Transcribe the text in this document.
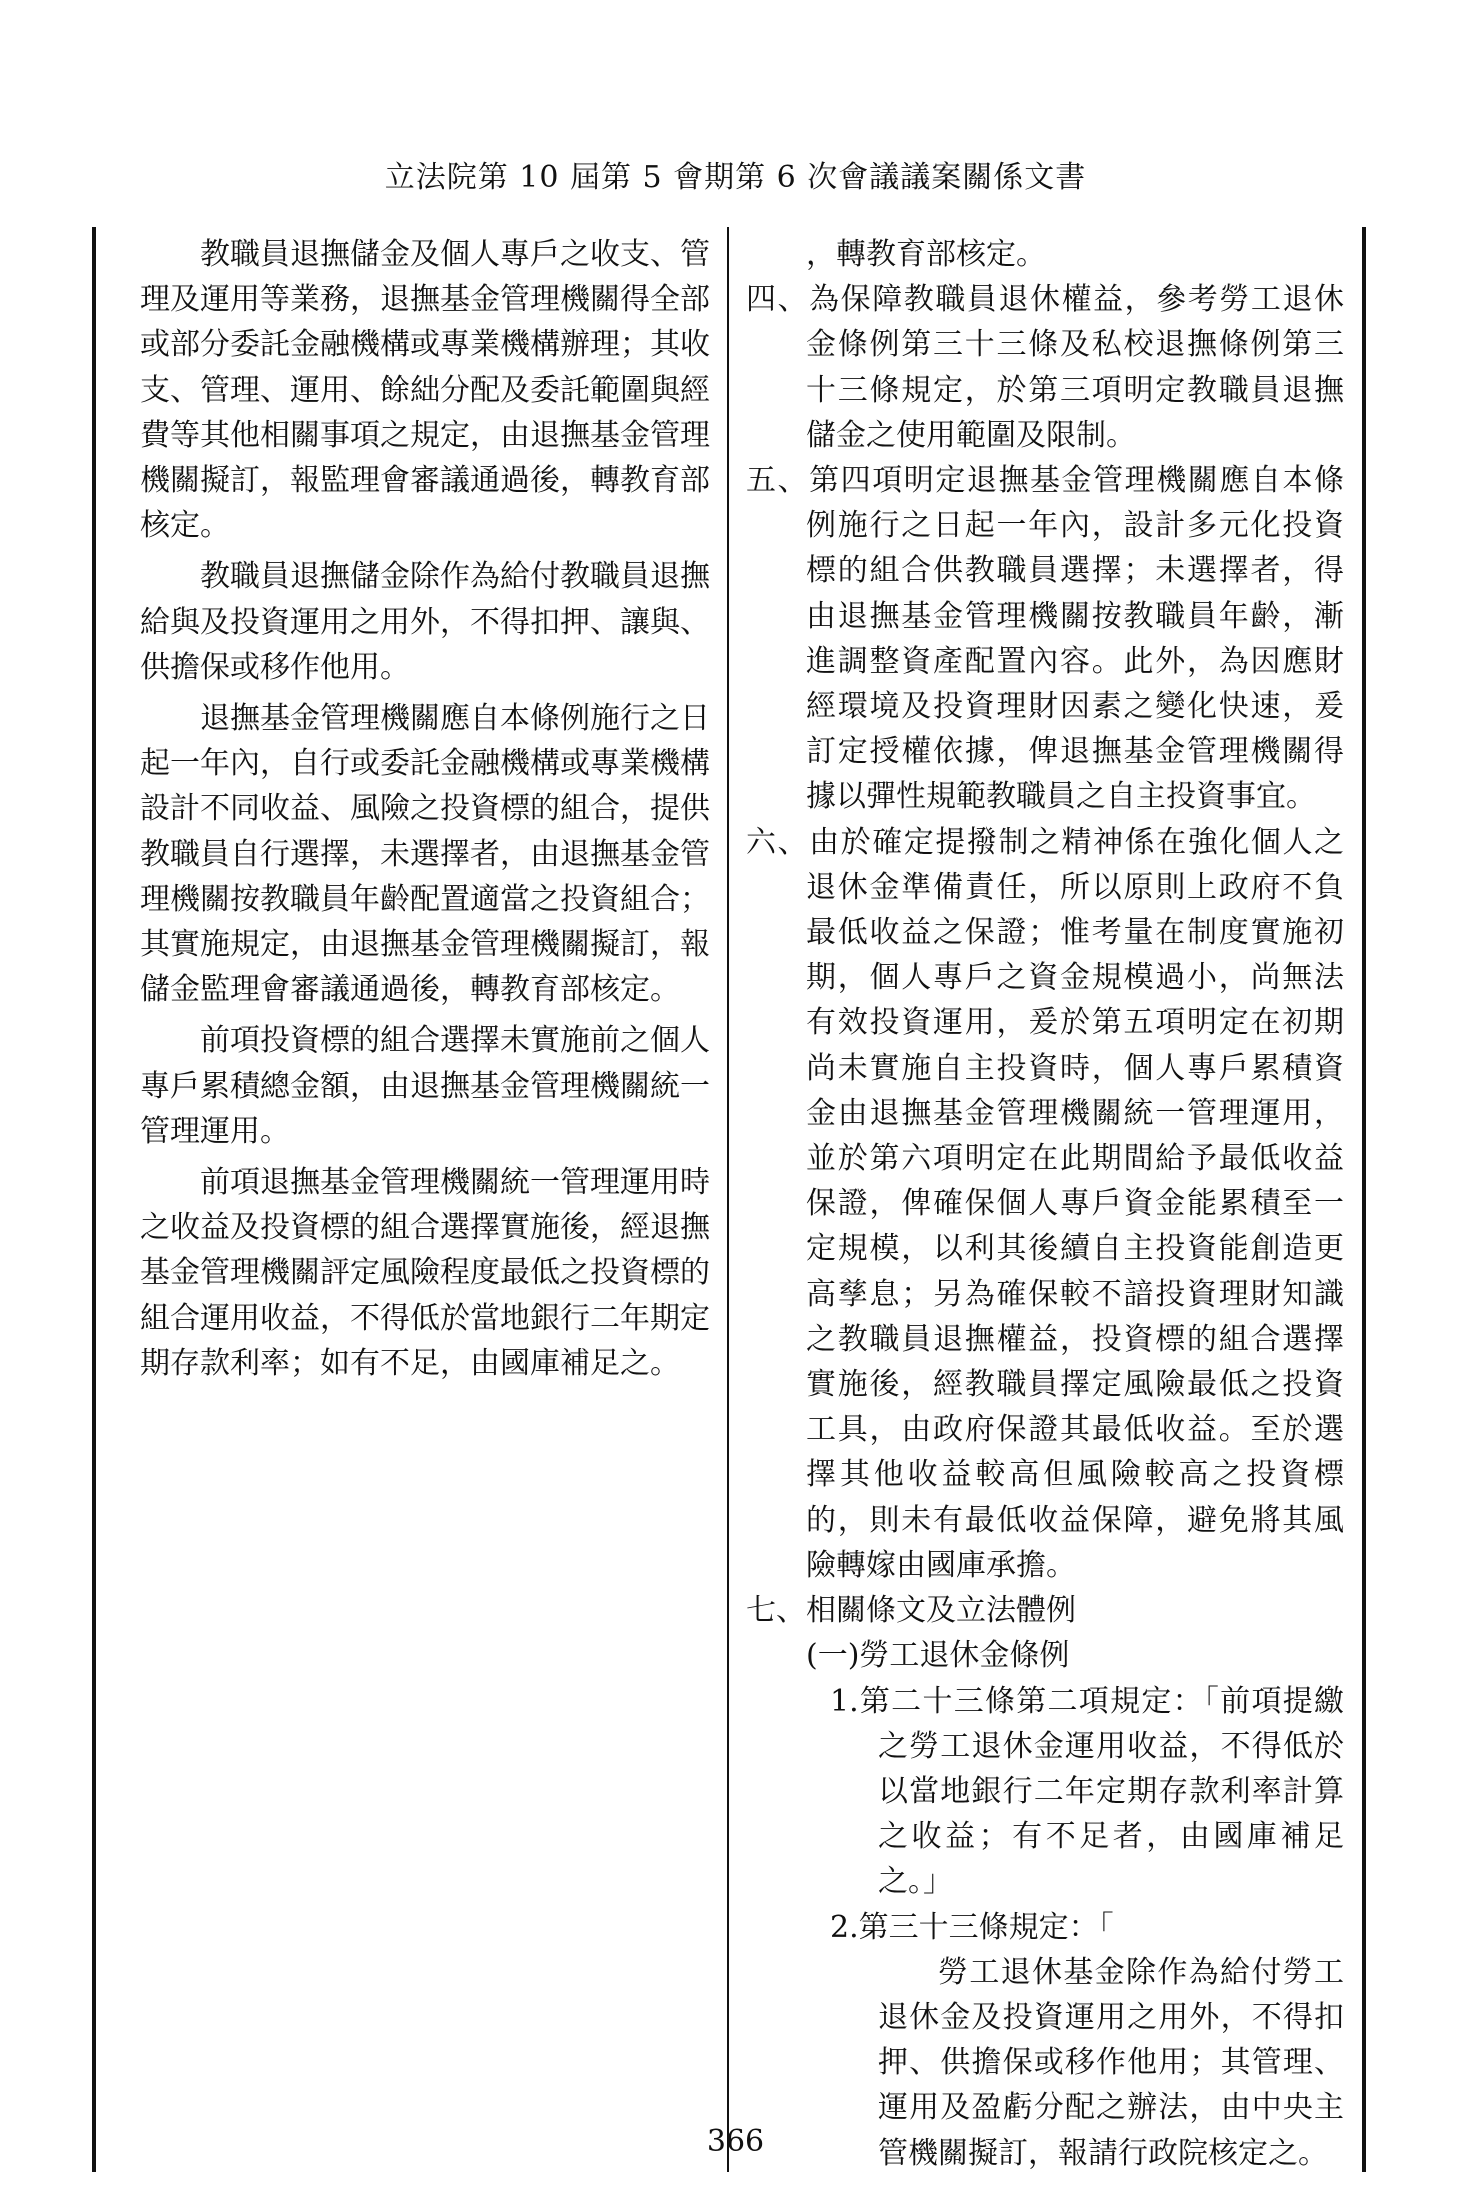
立法院第 10 屆第 5 會期第 6 次會議議案關係文書

教職員退撫儲金及個人專戶之收支、管理及運用等業務，退撫基金管理機關得全部或部分委託金融機構或專業機構辦理；其收支、管理、運用、餘絀分配及委託範圍與經費等其他相關事項之規定，由退撫基金管理機關擬訂，報監理會審議通過後，轉教育部核定。

教職員退撫儲金除作為給付教職員退撫給與及投資運用之用外，不得扣押、讓與、供擔保或移作他用。

退撫基金管理機關應自本條例施行之日起一年內，自行或委託金融機構或專業機構設計不同收益、風險之投資標的組合，提供教職員自行選擇，未選擇者，由退撫基金管理機關按教職員年齡配置適當之投資組合；其實施規定，由退撫基金管理機關擬訂，報儲金監理會審議通過後，轉教育部核定。

前項投資標的組合選擇未實施前之個人專戶累積總金額，由退撫基金管理機關統一管理運用。

前項退撫基金管理機關統一管理運用時之收益及投資標的組合選擇實施後，經退撫基金管理機關評定風險程度最低之投資標的組合運用收益，不得低於當地銀行二年期定期存款利率；如有不足，由國庫補足之。

，轉教育部核定。

四、為保障教職員退休權益，參考勞工退休金條例第三十三條及私校退撫條例第三十三條規定，於第三項明定教職員退撫儲金之使用範圍及限制。

五、第四項明定退撫基金管理機關應自本條例施行之日起一年內，設計多元化投資標的組合供教職員選擇；未選擇者，得由退撫基金管理機關按教職員年齡，漸進調整資產配置內容。此外，為因應財經環境及投資理財因素之變化快速，爰訂定授權依據，俾退撫基金管理機關得據以彈性規範教職員之自主投資事宜。

六、由於確定提撥制之精神係在強化個人之退休金準備責任，所以原則上政府不負最低收益之保證；惟考量在制度實施初期，個人專戶之資金規模過小，尚無法有效投資運用，爰於第五項明定在初期尚未實施自主投資時，個人專戶累積資金由退撫基金管理機關統一管理運用，並於第六項明定在此期間給予最低收益保證，俾確保個人專戶資金能累積至一定規模，以利其後續自主投資能創造更高孳息；另為確保較不諳投資理財知識之教職員退撫權益，投資標的組合選擇實施後，經教職員擇定風險最低之投資工具，由政府保證其最低收益。至於選擇其他收益較高但風險較高之投資標的，則未有最低收益保障，避免將其風險轉嫁由國庫承擔。

七、相關條文及立法體例

(一)勞工退休金條例

1.第二十三條第二項規定：「前項提繳之勞工退休金運用收益，不得低於以當地銀行二年定期存款利率計算之收益；有不足者，由國庫補足之。」

2.第三十三條規定：「

勞工退休基金除作為給付勞工退休金及投資運用之用外，不得扣押、供擔保或移作他用；其管理、運用及盈虧分配之辦法，由中央主管機關擬訂，報請行政院核定之。

366
